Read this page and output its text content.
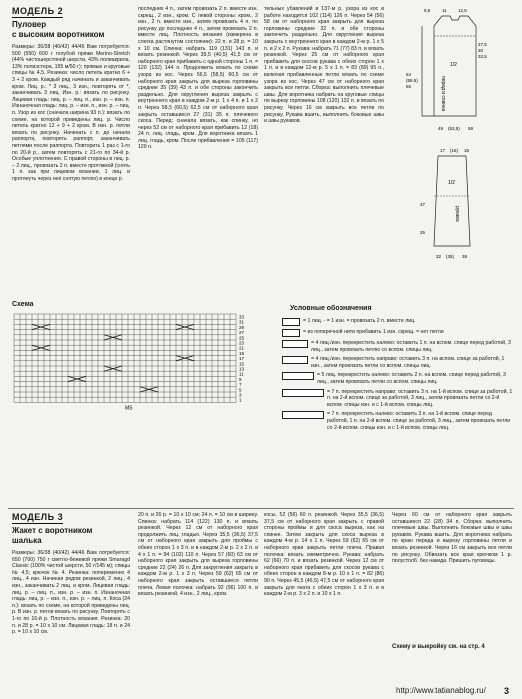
МОДЕЛЬ 2
Пуловер
с высоким воротником
Размеры: 36/38 (40/42) 44/46 Вам потребуется: 500 (550) 600 г голубой пряжи Merino-Stretch (44% чистошерстяной шерсти, 43% полиакрила, 13% полиэстера, 155 м/50 г); прямые и круговые спицы № 4,5. Резинка: число петель кратно 6 + 3 + 2 кром. Каждый ряд начинать и заканчивать кром. Лиц. р.: * 3 лиц., 3 изн., повторять от *, заканчивать 3 лиц. Изн. р.: вязать по рисунку. Лицевая гладь: лиц. р. – лиц. п., изн. р. – изн. п. Изнаночная гладь: лиц. р. – изн. п., изн. р. – лиц. п. Узор из кос (сначала ширина 93 п.): вязать по схеме, на которой приведены лиц. р. Число петель кратно 12 + 9 + 2 кром. В изн. р. петли вязать по рисунку. Начинать с п. до начала раппорта, повторять раппорт, заканчивать петлями после раппорта. Повторить 1 раз с 1-го по 20-й р., затем повторять с 21-го по 34-й р. Особые уплотнения. С правой стороны в лиц. р. – 2 лиц., провязать 2 п. вместе протяжкой (снять 1 п. как при лицевом вязании, 1 лиц. и протянуть через неё снятую петлю) в конце р.
последних 4 п., затем провязать 2 п. вместе изн. скрещ., 2 изн., кром. С левой стороны: кром., 2 изн., 2 п. вместе изн., затем провязать 4 п. по рисунку до последних 4 п., затем провязать 2 п. вместе лиц. Плотность вязания (измерена в слегка растянутом состоянии): 22 п. и 28 р. = 10 х 10 см. Спинка: набрать 119 (131) 143 п. и вязать резинкой. Через 39,5 (40,5) 41,5 см от наборного края прибавить с одной стороны 1 п. = 120 (132) 144 п. Продолжить вязать по схеме узора из кос. Через 56,5 (58,5) 60,5 см от наборного края закрыть для выреза горловины средние 35 (39) 43 п. и обе стороны закончить раздельно. Для округления выреза закрыть с внутреннего края в каждом 2-м р. 1 х 4 п. и 1 х 2 п. Через 58,5 (60,5) 62,5 см от наборного края закрыть оставшиеся 27 (31) 35 п. плечевого скоса. Перед: сначала вязать, как спинку, но через 52 см от наборного края прибавить 12 (18) 24 п. лиц. гладь, кром. Для воротника вязать 1 лиц. гладь, кром. После прибавления = 105 (117) 129 п.
тельных убавлений в 137-м р. узора из кос в работе находится 102 (114) 126 п. Через 54 (56) 58 см от наборного края закрыть для выреза горловины средние 32 п. и обе стороны закончить раздельно. Для округления выреза закрыть с внутреннего края в каждом 2-м р. 1 х 5 п. и 2 х 2 п. Рукава: набрать 71 (77) 83 п. и вязать резинкой. Через 25 см от наборного края прибавить для скосов рукава с обеих сторон 1 х 1 п. и в каждом 12-м р. 5 х 1 п. = 83 (89) 95 п., включая прибавленные петли вязать по схеме узора из кос. Через 47 см от наборного края закрыть все петли. Сборка: выполнить плечевые швы. Для воротника набрать на круговые спицы по вырезу горловины 108 (120) 132 п. и вязать по рисунку. Через 16 см закрыть все петли по рисунку. Рукава вшить, выполнить боковые швы и швы рукавов.
перед и спинка
1/2
27,5
30
32,5
54
(59,5)
65
9,5	11	12,5
49 (53,5) 59
рукава
1/2
17 (16) 15
47
25
32 (35) 38
Схема
33
31
29
27
25
23
21
19
17
15
13
11
9
7
5
3
1
MS
Условные обозначения
= 1 лиц. - = 1 изн. = провязать 2 п. вместе лиц.
= из поперечной нити прибавить 1 изн. скрещ. = нет петли
= 4 лиц./изн. перекрестить налево: оставить 1 п. на вспом. спице перед работой, 3 лиц., затем провязать петлю со вспом. спицы лиц.
= 4 лиц./изн. перекрестить направо: оставить 3 п. на вспом. спице за работой, 1 изн., затем провязать петли со вспом. спицы лиц.
= 5 лиц. перекрестить налево: оставить 2 п. на вспом. спице перед работой, 3 лиц., затем провязать петли со вспом. спицы лиц.
= 7 п. перекрестить направо: оставить 3 п. на 1-й вспом. спице за работой, 1 п. на 2-й вспом. спице за работой, 3 лиц., затем провязать петли со 2-й вспом. спицы изн. и с 1-й вспом. спицы лиц.
= 7 п. перекрестить налево: оставить 3 п. на 1-й вспом. спице перед работой, 1 п. на 2-й вспом. спице за работой, 3 лиц., затем провязать петли со 2-й вспом. спицы изн. и с 1-й вспом. спицы лиц.
МОДЕЛЬ 3
Жакет с воротником
шалька
Размеры: 36/38 (40/42) 44/46 Вам потребуется: 650 (700) 750 г светло-бежевой пряжи Smaragd Classic (100% чистой шерсти, 50 г/145 м); спицы № 4,5; крючок № 4. Резинка: попеременно 4 лиц., 4 изн. Начиная рядом резинкой, 2 лиц., 4 изн., заканчивать 2 лиц. и кром. Лицевая гладь: лиц. р. – лиц. п., изн. р. – изн. п. Изнаночная гладь: лиц. р. – изн. п., изн. р. – лиц. п. Коса (24 п.): вязать по схеме, на которой приведены лиц. р. В изн. р. петли вязать по рисунку. Повторять с 1-го по 16-й р. Плотность вязания. Резинка: 20 п. и 28 р. = 10 х 10 см. Лицевая гладь: 18 п. и 24 р. = 10 х 10 см.
20 п. и 26 р. = 10 х 10 см; 24 п. = 10 см в ширину. Спинка: набрать 114 (122) 130 п. и вязать резинкой. Через 12 см от наборного края продолжить лиц. гладью. Через 35,5 (36,5) 37,5 см от наборного края закрыть для проймы с обеих сторон 1 х 3 п. и в каждом 2-м р. 2 х 2 п. и 4 х 1 п. = 94 (102) 110 п. Через 57 (60) 63 см от наборного края закрыть для выреза горловины средние 22 (24) 26 п. Для закругления закрыть в каждом 2-м р. 1 х 3 п. Через 59 (62) 65 см от наборного края закрыть оставшиеся петли плеча. Левая полочка: набрать 92 (96) 100 п. и вязать резинкой, 4 изн., 2 лиц., кром.
косы, 52 (56) 60 п. резинкой. Через 35,5 (36,5) 37,5 см от наборного края закрыть с правой стороны проймы и для скоса выреза, как на спинке. Затем закрыть для скоса выреза в каждом 4-м р. 14 х 1 п. Через 59 (62) 65 см от наборного края закрыть петли плеча. Правая полочка: вязать симметрично. Рукава: набрать 62 (66) 70 п. и вязать резинкой. Через 12 см от наборного края прибавить для скосов рукава с обеих сторон в каждом 8-м р. 10 х 1 п. = 82 (86) 90 п. Через 45,5 (46,5) 47,5 см от наборного края закрыть для оката с обеих сторон 1 х 3 п. и в каждом 2-м р. 3 х 2 п. и 10 х 1 п.
Через 60 см от наборного края закрыть оставшиеся 22 (28) 34 п. Сборка: выполнить плечевые швы. Выполнить боковые швы и швы рукавов. Рукава вшить. Для воротника набрать по краю переда и вырезу горловины петли и вязать резинкой. Через 16 см закрыть все петли по рисунку. Обвязать все края крючком 1 р. полустолб. без накида. Пришить пуговицы.
Схему и выкройку см. на стр. 4
http://www.tatianablog.ru/ 3
